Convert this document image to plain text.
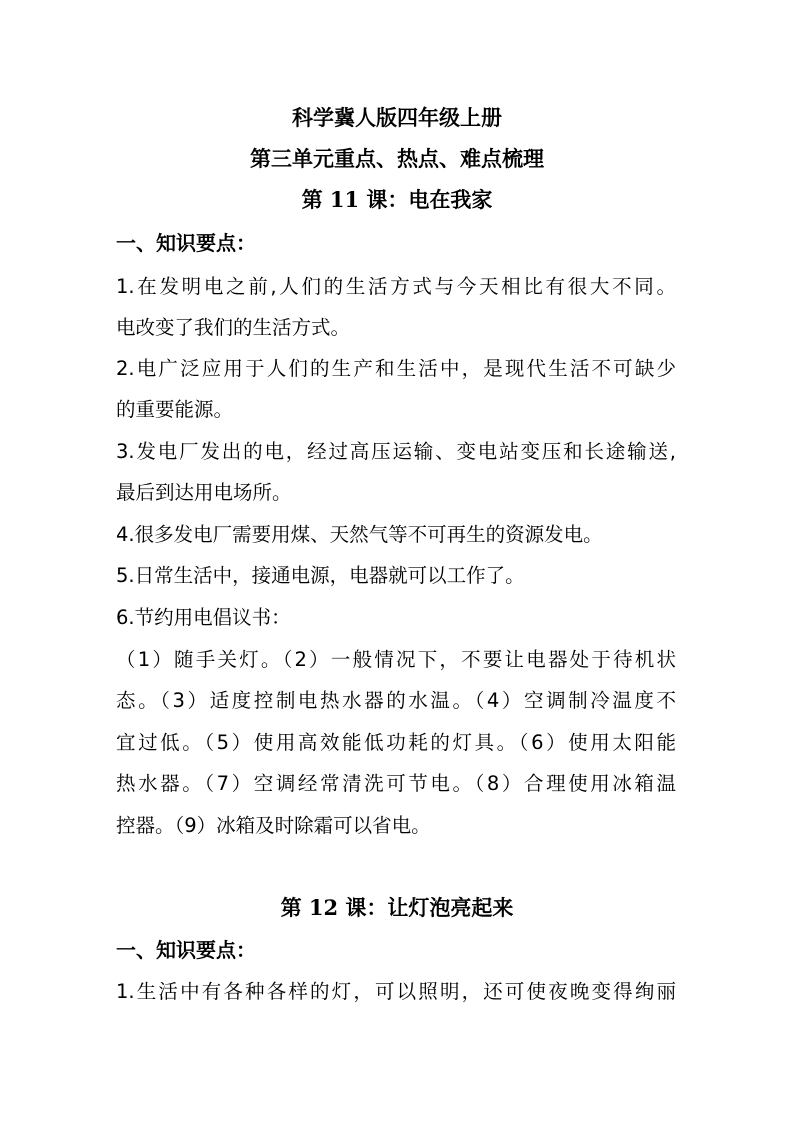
科学冀人版四年级上册
第三单元重点、热点、难点梳理
第 11 课：电在我家
一、知识要点：
1.在发明电之前,人们的生活方式与今天相比有很大不同。
电改变了我们的生活方式。
2.电广泛应用于人们的生产和生活中，是现代生活不可缺少
的重要能源。
3.发电厂发出的电，经过高压运输、变电站变压和长途输送,
最后到达用电场所。
4.很多发电厂需要用煤、天然气等不可再生的资源发电。
5.日常生活中，接通电源，电器就可以工作了。
6.节约用电倡议书：
（1）随手关灯。（2）一般情况下，不要让电器处于待机状
态。（3）适度控制电热水器的水温。（4）空调制冷温度不
宜过低。（5）使用高效能低功耗的灯具。（6）使用太阳能
热水器。（7）空调经常清洗可节电。（8）合理使用冰箱温
控器。（9）冰箱及时除霜可以省电。
第 12 课：让灯泡亮起来
一、知识要点：
1.生活中有各种各样的灯，可以照明，还可使夜晚变得绚丽
